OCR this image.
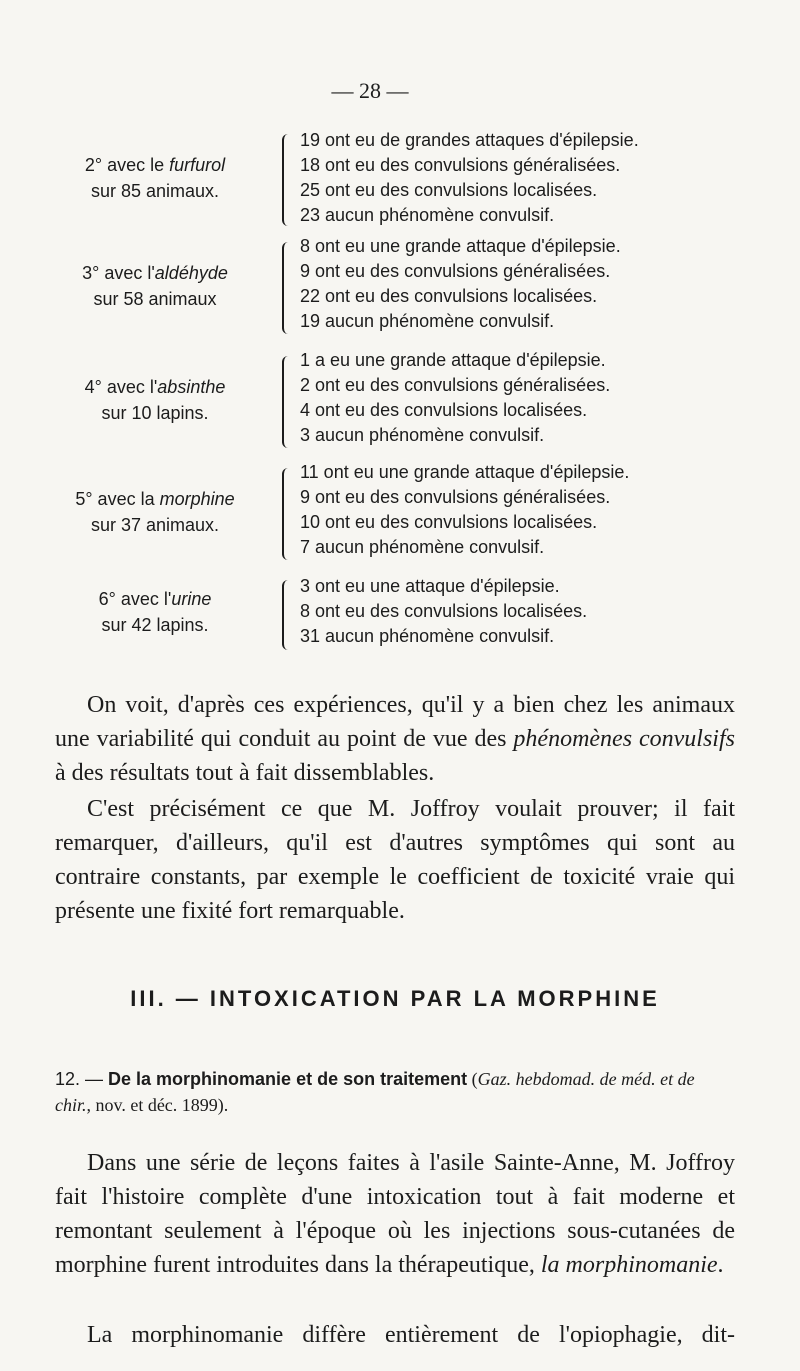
— 28 —
2° avec le furfurol
sur 85 animaux.
19 ont eu de grandes attaques d'épilepsie.
18 ont eu des convulsions généralisées.
25 ont eu des convulsions localisées.
23 aucun phénomène convulsif.
3° avec l'aldéhyde
sur 58 animaux
8 ont eu une grande attaque d'épilepsie.
9 ont eu des convulsions généralisées.
22 ont eu des convulsions localisées.
19 aucun phénomène convulsif.
4° avec l'absinthe
sur 10 lapins.
1 a eu une grande attaque d'épilepsie.
2 ont eu des convulsions généralisées.
4 ont eu des convulsions localisées.
3 aucun phénomène convulsif.
5° avec la morphine
sur 37 animaux.
11 ont eu une grande attaque d'épilepsie.
9 ont eu des convulsions généralisées.
10 ont eu des convulsions localisées.
7 aucun phénomène convulsif.
6° avec l'urine
sur 42 lapins.
3 ont eu une attaque d'épilepsie.
8 ont eu des convulsions localisées.
31 aucun phénomène convulsif.

On voit, d'après ces expériences, qu'il y a bien chez les animaux une variabilité qui conduit au point de vue des phénomènes convulsifs à des résultats tout à fait dissemblables.

C'est précisément ce que M. Joffroy voulait prouver; il fait remarquer, d'ailleurs, qu'il est d'autres symptômes qui sont au contraire constants, par exemple le coefficient de toxicité vraie qui présente une fixité fort remarquable.

III. — INTOXICATION PAR LA MORPHINE
12. — De la morphinomanie et de son traitement (Gaz. hebdomad. de méd. et de chir., nov. et déc. 1899).

Dans une série de leçons faites à l'asile Sainte-Anne, M. Joffroy fait l'histoire complète d'une intoxication tout à fait moderne et remontant seulement à l'époque où les injections sous-cutanées de morphine furent introduites dans la thérapeutique, la morphinomanie.

La morphinomanie diffère entièrement de l'opiophagie, dit-
